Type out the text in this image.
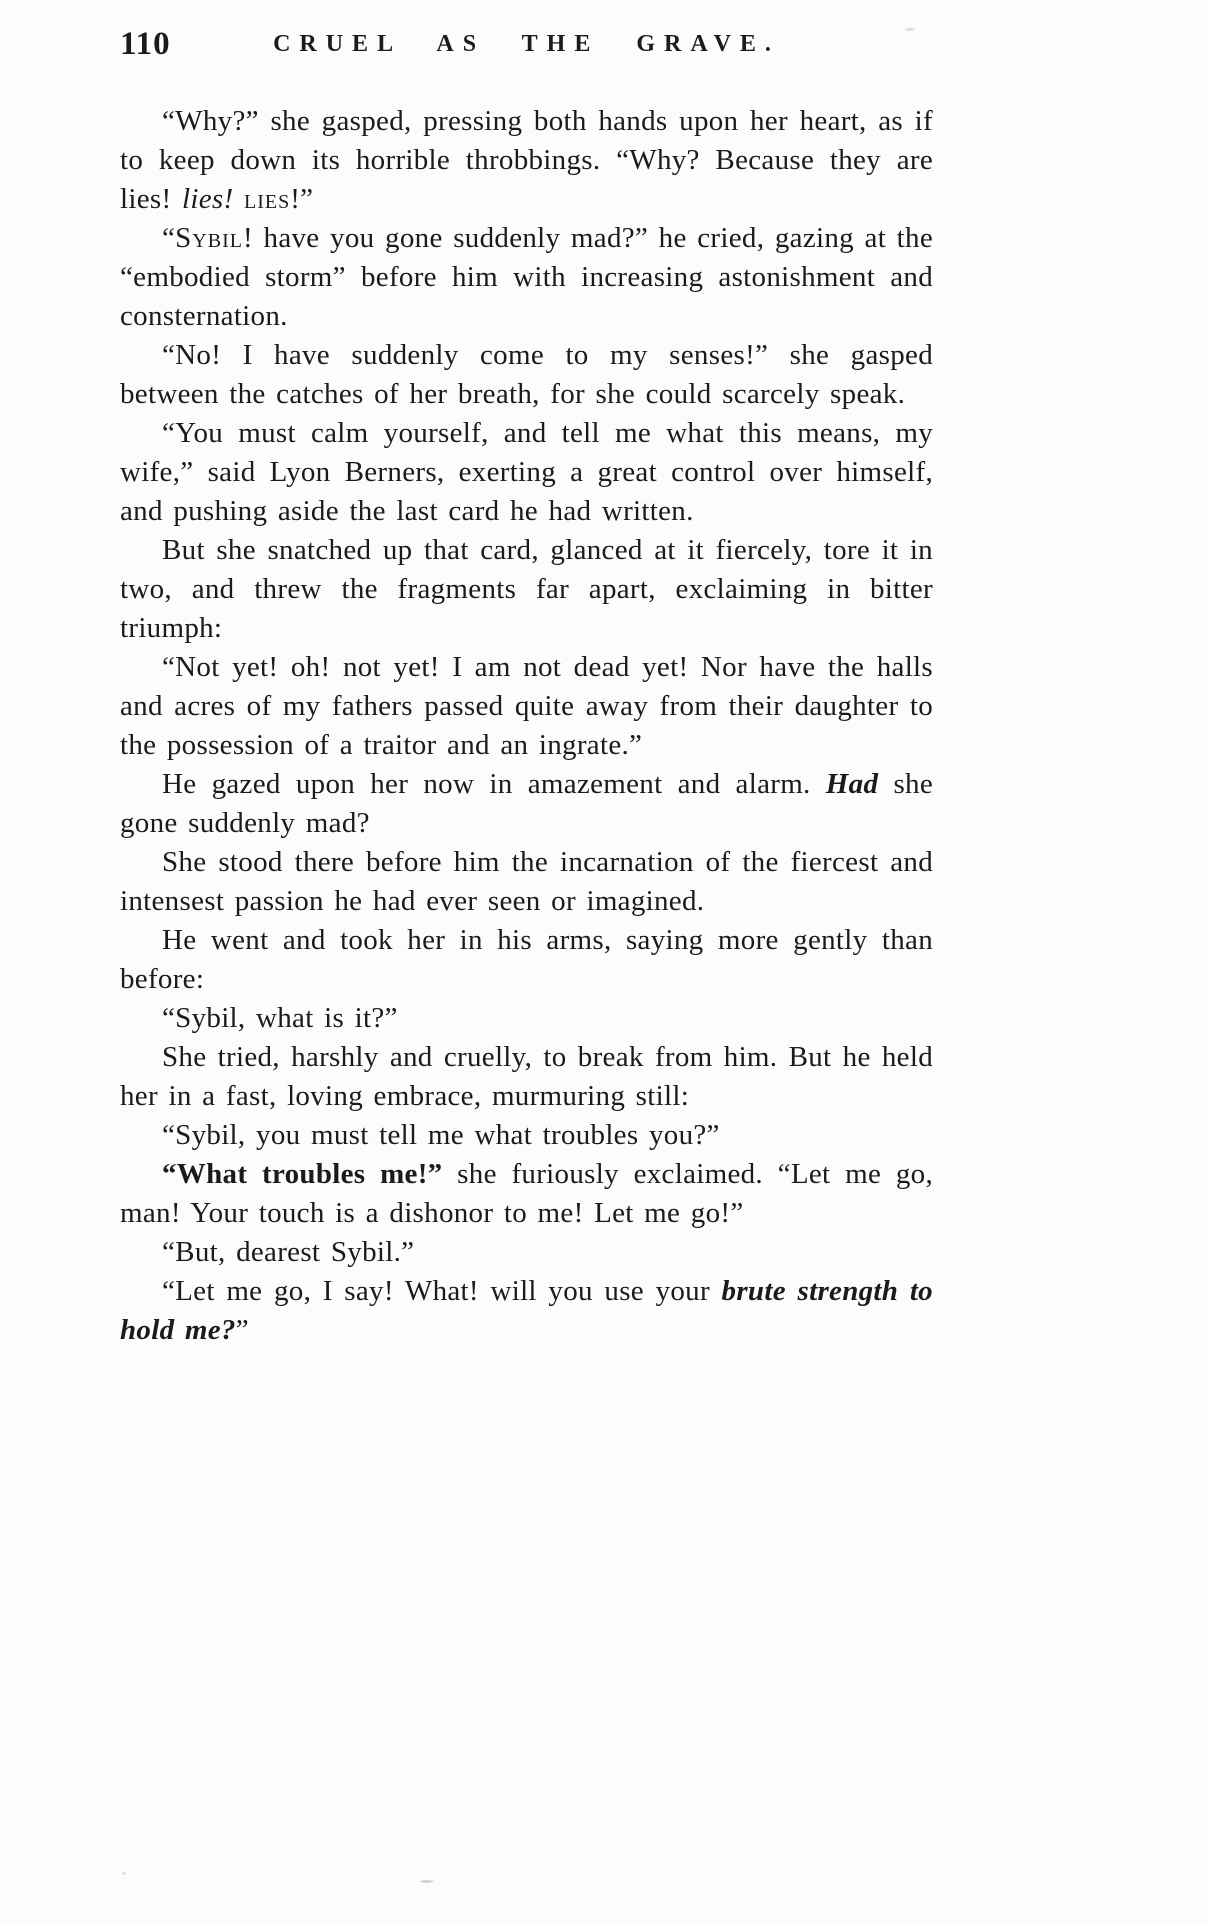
110	CRUEL AS THE GRAVE.

“Why?” she gasped, pressing both hands upon her heart, as if to keep down its horrible throbbings. “Why? Because they are lies! lies! lies!”

“Sybil! have you gone suddenly mad?” he cried, gazing at the “embodied storm” before him with increasing astonishment and consternation.

“No! I have suddenly come to my senses!” she gasped between the catches of her breath, for she could scarcely speak.

“You must calm yourself, and tell me what this means, my wife,” said Lyon Berners, exerting a great control over himself, and pushing aside the last card he had written.

But she snatched up that card, glanced at it fiercely, tore it in two, and threw the fragments far apart, exclaiming in bitter triumph:

“Not yet! oh! not yet! I am not dead yet! Nor have the halls and acres of my fathers passed quite away from their daughter to the possession of a traitor and an ingrate.”

He gazed upon her now in amazement and alarm. Had she gone suddenly mad?

She stood there before him the incarnation of the fiercest and intensest passion he had ever seen or imagined.

He went and took her in his arms, saying more gently than before:

“Sybil, what is it?”

She tried, harshly and cruelly, to break from him. But he held her in a fast, loving embrace, murmuring still:

“Sybil, you must tell me what troubles you?”

“What troubles me!” she furiously exclaimed. “Let me go, man! Your touch is a dishonor to me! Let me go!”

“But, dearest Sybil.”

“Let me go, I say! What! will you use your brute strength to hold me?”
